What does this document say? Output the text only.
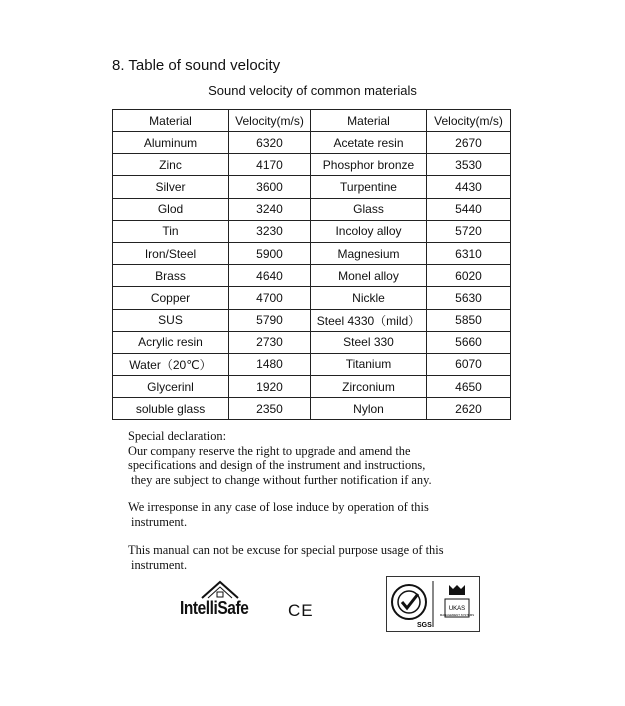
8. Table of sound velocity
Sound velocity of common materials
Material	Velocity(m/s)	Material	Velocity(m/s)
Aluminum	6320	Acetate resin	2670
Zinc	4170	Phosphor bronze	3530
Silver	3600	Turpentine	4430
Glod	3240	Glass	5440
Tin	3230	Incoloy alloy	5720
Iron/Steel	5900	Magnesium	6310
Brass	4640	Monel alloy	6020
Copper	4700	Nickle	5630
SUS	5790	Steel 4330（mild）	5850
Acrylic resin	2730	Steel 330	5660
Water（20℃）	1480	Titanium	6070
Glycerinl	1920	Zirconium	4650
soluble glass	2350	Nylon	2620

Special declaration:

Our company reserve the right to upgrade and amend the

specifications and design of the instrument and instructions,

they are subject to change without further notification if any.

We irresponse in any case of lose induce by operation of this

instrument.

This manual can not be excuse for special purpose usage of this

instrument.

IntelliSafe CE
SGS
UKAS
MANAGEMENT SYSTEMS
